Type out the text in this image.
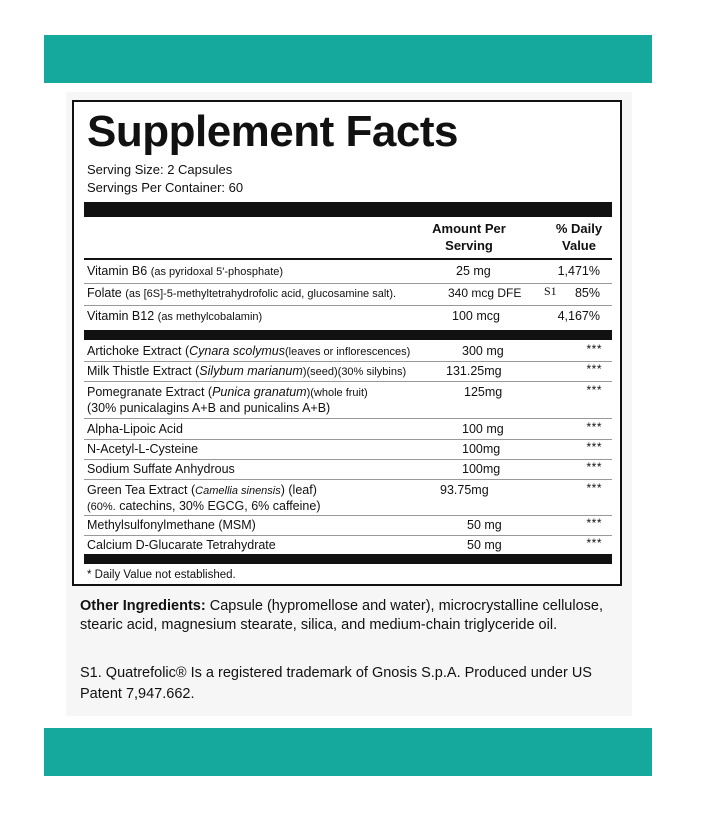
Supplement Facts
Serving Size: 2 Capsules
Servings Per Container: 60
Amount Per
Serving
% Daily
Value
Vitamin B6 (as pyridoxal 5'-phosphate)	25 mg	1,471%
Folate (as [6S]-5-methyltetrahydrofolic acid, glucosamine salt).	340 mcg DFE S1	85%
Vitamin B12 (as methylcobalamin)	100 mcg	4,167%
Artichoke Extract (Cynara scolymus(leaves or inflorescences)	300 mg	***
Milk Thistle Extract (Silybum marianum)(seed)(30% silybins)	131.25mg	***
Pomegranate Extract (Punica granatum)(whole fruit)
(30% punicalagins A+B and punicalins A+B)
125mg	***
Alpha-Lipoic Acid	100 mg	***
N-Acetyl-L-Cysteine	100mg	***
Sodium Suffate Anhydrous	100mg	***
Green Tea Extract (Camellia sinensis) (leaf)
(60%. catechins, 30% EGCG, 6% caffeine)
93.75mg	***
Methylsulfonylmethane (MSM)	50 mg	***
Calcium D-Glucarate Tetrahydrate	50 mg	***
* Daily Value not established.
Other Ingredients: Capsule (hypromellose and water), microcrystalline cellulose, stearic acid, magnesium stearate, silica, and medium-chain triglyceride oil.
S1. Quatrefolic® Is a registered trademark of Gnosis S.p.A. Produced under US Patent 7,947.662.
